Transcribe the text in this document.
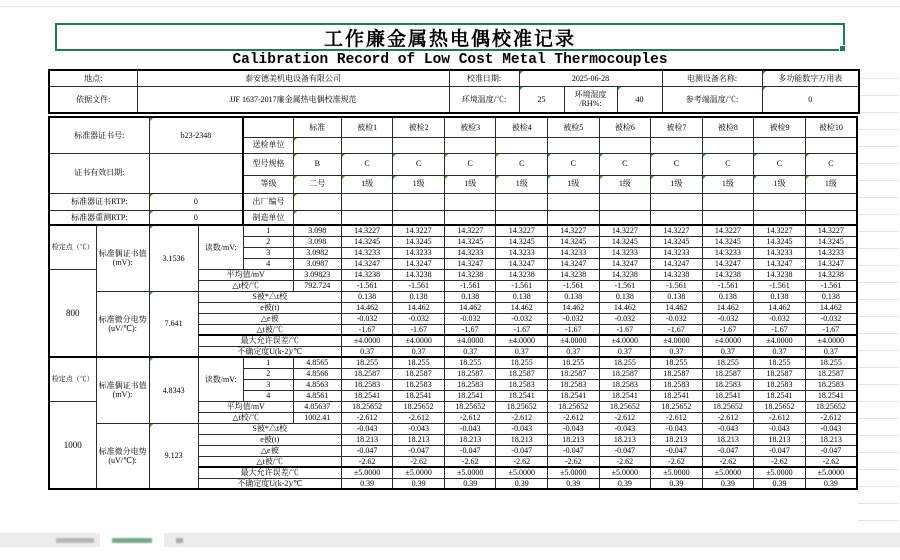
工作廉金属热电偶校准记录
Calibration Record of Low Cost Metal Thermocouples
地点:	泰安德美机电设备有限公司	校准日期:	2025-06-28			电测设备名称:	多功能数字万用表
依据文件:	JJF 1637-2017廉金属热电偶校准规范	环境温度/℃:	25	环境湿度 /RH%:	40	参考端温度/℃:	0
标准器证书号:		b23-2348			标准	被检1	被检2	被检3	被检4	被检5	被检6	被检7	被检8	被检9	被检10
				送检单位											
证书有效日期:				型号规格	B	C	C	C	C	C	C	C	C	C	C
				等级	二号	1级	1级	1级	1级	1级	1级	1级	1级	1级	1级
标准器证书RTP:		0		出厂编号											
标准器重测RTP:		0		制造单位											
检定点（℃）	标准偶证书值 (mV):	3.1536	读数/mV:	1	3.098	14.3227	14.3227	14.3227	14.3227	14.3227	14.3227	14.3227	14.3227	14.3227	14.3227
				2	3.098	14.3245	14.3245	14.3245	14.3245	14.3245	14.3245	14.3245	14.3245	14.3245	14.3245
				3	3.0982	14.3233	14.3233	14.3233	14.3233	14.3233	14.3233	14.3233	14.3233	14.3233	14.3233
				4	3.0987	14.3247	14.3247	14.3247	14.3247	14.3247	14.3247	14.3247	14.3247	14.3247	14.3247
800			平均值/mV		3.09823	14.3238	14.3238	14.3238	14.3238	14.3238	14.3238	14.3238	14.3238	14.3238	14.3238
			△t校/℃		792.724	-1.561	-1.561	-1.561	-1.561	-1.561	-1.561	-1.561	-1.561	-1.561	-1.561
	标准微分电势 (uV/℃):	7.641	S被*△t校			0.138	0.138	0.138	0.138	0.138	0.138	0.138	0.138	0.138	0.138
			e被(t)			14.462	14.462	14.462	14.462	14.462	14.462	14.462	14.462	14.462	14.462
			△e被			-0.032	-0.032	-0.032	-0.032	-0.032	-0.032	-0.032	-0.032	-0.032	-0.032
			△t被/℃			-1.67	-1.67	-1.67	-1.67	-1.67	-1.67	-1.67	-1.67	-1.67	-1.67
			最大允许误差/℃			±4.0000	±4.0000	±4.0000	±4.0000	±4.0000	±4.0000	±4.0000	±4.0000	±4.0000	±4.0000
			不确定度U(k-2)/℃			0.37	0.37	0.37	0.37	0.37	0.37	0.37	0.37	0.37	0.37
检定点（℃）	标准偶证书值 (mV):	4.8343	读数/mV:	1	4.8565	18.255	18.255	18.255	18.255	18.255	18.255	18.255	18.255	18.255	18.255
				2	4.8566	18.2587	18.2587	18.2587	18.2587	18.2587	18.2587	18.2587	18.2587	18.2587	18.2587
				3	4.8563	18.2583	18.2583	18.2583	18.2583	18.2583	18.2583	18.2583	18.2583	18.2583	18.2583
				4	4.8561	18.2541	18.2541	18.2541	18.2541	18.2541	18.2541	18.2541	18.2541	18.2541	18.2541
1000			平均值/mV		4.85637	18.25652	18.25652	18.25652	18.25652	18.25652	18.25652	18.25652	18.25652	18.25652	18.25652
			△t校/℃		1002.41	-2.612	-2.612	-2.612	-2.612	-2.612	-2.612	-2.612	-2.612	-2.612	-2.612
	标准微分电势 (uV/℃):	9.123	S被*△t校			-0.043	-0.043	-0.043	-0.043	-0.043	-0.043	-0.043	-0.043	-0.043	-0.043
			e被(t)			18.213	18.213	18.213	18.213	18.213	18.213	18.213	18.213	18.213	18.213
			△e被			-0.047	-0.047	-0.047	-0.047	-0.047	-0.047	-0.047	-0.047	-0.047	-0.047
			△t被/℃			-2.62	-2.62	-2.62	-2.62	-2.62	-2.62	-2.62	-2.62	-2.62	-2.62
			最大允许误差/℃			±5.0000	±5.0000	±5.0000	±5.0000	±5.0000	±5.0000	±5.0000	±5.0000	±5.0000	±5.0000
			不确定度U(k-2)/℃			0.39	0.39	0.39	0.39	0.39	0.39	0.39	0.39	0.39	0.39
